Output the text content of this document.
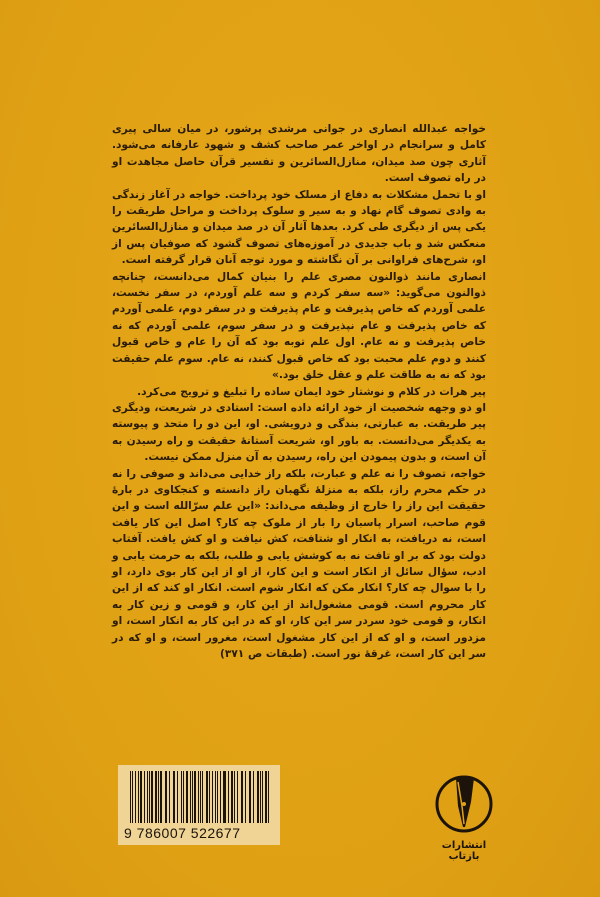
خواجه عبدالله انصاری در جوانی مرشدی پرشور، در میان سالی پیری کامل و سرانجام در اواخر عمر صاحب کشف و شهود عارفانه می‌شود. آثاری چون صد میدان، منازل‌السائرین و تفسیر قرآن حاصل مجاهدت او در راه تصوف است.

او با تحمل مشکلات به دفاع از مسلک خود پرداخت. خواجه در آغاز زندگی به وادی تصوف گام نهاد و به سیر و سلوک پرداخت و مراحل طریقت را یکی پس از دیگری طی کرد. بعدها آثار آن در صد میدان و منازل‌السائرین منعکس شد و باب جدیدی در آموزه‌های تصوف گشود که صوفیان پس از او، شرح‌های فراوانی بر آن نگاشته و مورد توجه آنان قرار گرفته است.

انصاری مانند ذوالنون مصری علم را بنیان کمال می‌دانست، چنانچه ذوالنون می‌گوید: «سه سفر کردم و سه علم آوردم، در سفر نخست، علمی آوردم که خاص پذیرفت و عام پذیرفت و در سفر دوم، علمی آوردم که خاص پذیرفت و عام نپذیرفت و در سفر سوم، علمی آوردم که نه خاص پذیرفت و نه عام. اول علم توبه بود که آن را عام و خاص قبول کنند و دوم علم محبت بود که خاص قبول کنند، نه عام. سوم علم حقیقت بود که نه به طاقت علم و عقل خلق بود.»

پیر هرات در کلام و نوشتار خود ایمان ساده را تبلیغ و ترویج می‌کرد.

او دو وجهه شخصیت از خود ارائه داده است: استادی در شریعت، ودیگری پیر طریقت. به عبارتی، بندگی و درویشی. او، این دو را متحد و پیوسته به یکدیگر می‌دانست. به باور او، شریعت آستانهٔ حقیقت و راه رسیدن به آن است، و بدون پیمودن این راه، رسیدن به آن منزل ممکن نیست.

خواجه، تصوف را نه علم و عبارت، بلکه راز خدایی می‌داند و صوفی را نه در حکم محرم راز، بلکه به منزلهٔ نگهبان راز دانسته و کنجکاوی در بارهٔ حقیقت این راز را خارج از وظیفه می‌داند: «این علم سرّالله است و این قوم صاحب، اسرار پاسبان را بار از ملوک چه کار؟ اصل این کار یافت است، نه دریافت، به انکار او شتافت، کش نیافت و او کش یافت. آفتاب دولت بود که بر او تافت نه به کوشش یابی و طلب، بلکه به حرمت یابی و ادب، سؤال سائل از انکار است و این کار، از او از این کار بوی دارد، او را با سوال چه کار؟ انکار مکن که انکار شوم است. انکار او کند که از این کار محروم است. قومی مشغول‌اند از این کار، و قومی و زین کار به انکار، و قومی خود سردر سر این کار، او که در این کار به انکار است، او مزدور است، و او که از این کار مشغول است، مغرور است، و او که در سر این کار است، غرقهٔ نور است. (طبقات ص ۳۷۱)

9 786007 522677
انتشارات بازتاب
